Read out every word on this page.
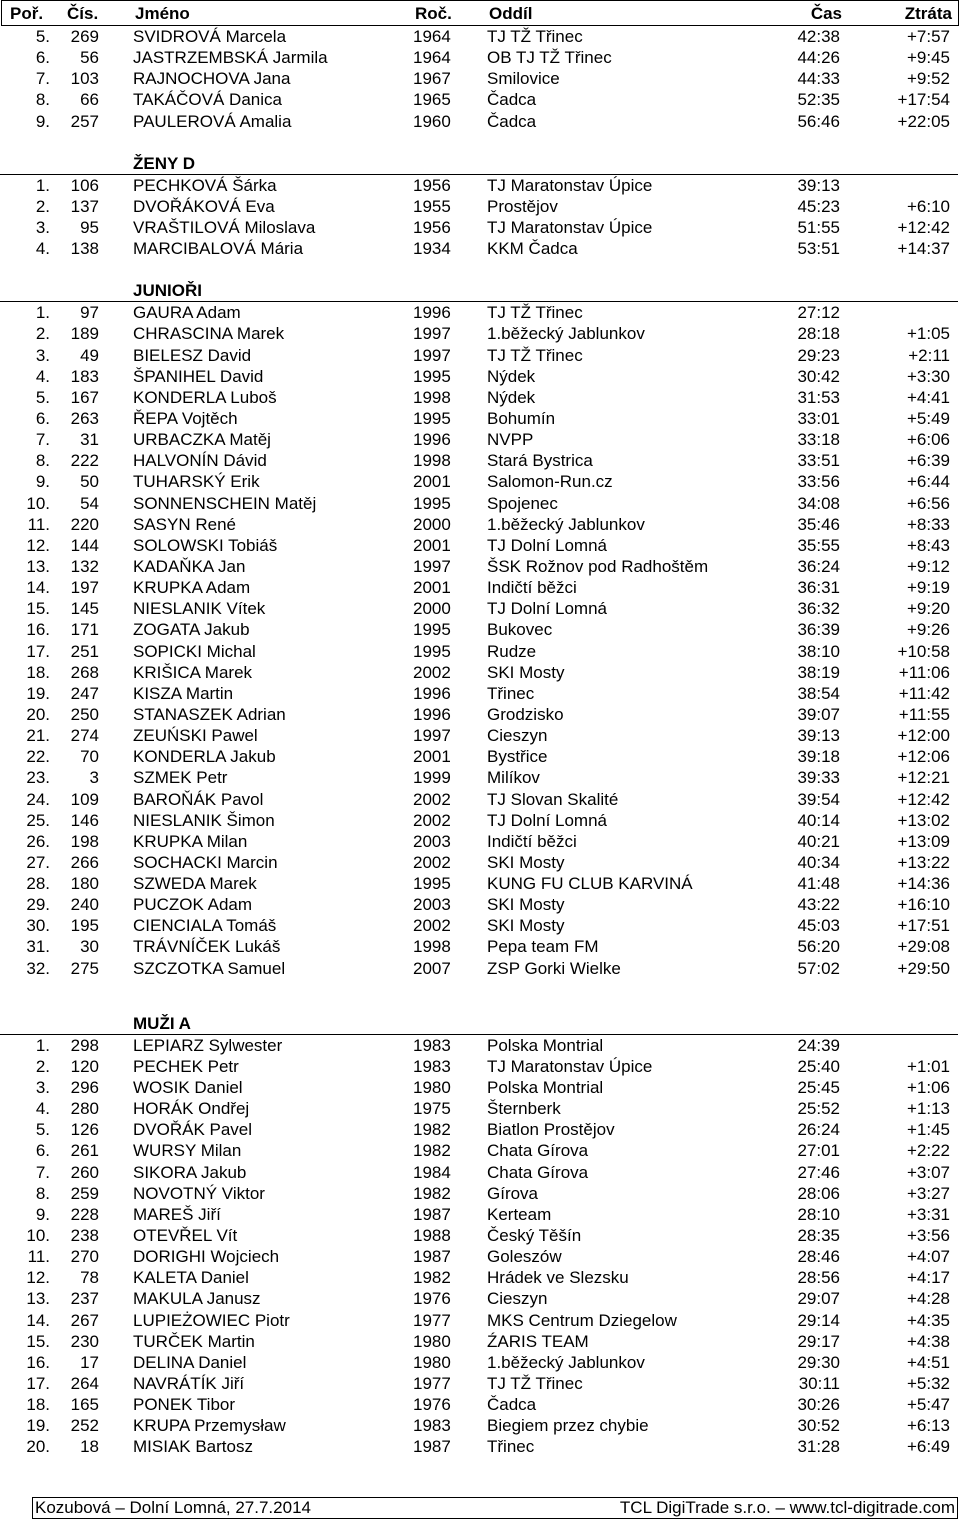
Poř. Čís. Jméno	Roč. Oddíl	Čas	Ztráta
5.	269 SVIDROVÁ Marcela	1964 TJ TŽ Třinec	42:38	+7:57
6.	56 JASTRZEMBSKÁ Jarmila	1964 OB TJ TŽ Třinec	44:26	+9:45
7.	103 RAJNOCHOVA Jana	1967 Smilovice	44:33	+9:52
8.	66 TAKÁČOVÁ Danica	1965 Čadca	52:35	+17:54
9.	257 PAULEROVÁ Amalia	1960 Čadca	56:46	+22:05
ŽENY D
1.	106 PECHKOVÁ Šárka	1956 TJ Maratonstav Úpice	39:13
2.	137 DVOŘÁKOVÁ Eva	1955 Prostějov	45:23	+6:10
3.	95 VRAŠTILOVÁ Miloslava	1956 TJ Maratonstav Úpice	51:55	+12:42
4.	138 MARCIBALOVÁ Mária	1934 KKM Čadca	53:51	+14:37
JUNIOŘI
1.	97 GAURA Adam	1996 TJ TŽ Třinec	27:12
2.	189 CHRASCINA Marek	1997 1.běžecký Jablunkov	28:18	+1:05
3.	49 BIELESZ David	1997 TJ TŽ Třinec	29:23	+2:11
4.	183 ŠPANIHEL David	1995 Nýdek	30:42	+3:30
5.	167 KONDERLA Luboš	1998 Nýdek	31:53	+4:41
6.	263 ŘEPA Vojtěch	1995 Bohumín	33:01	+5:49
7.	31 URBACZKA Matěj	1996 NVPP	33:18	+6:06
8.	222 HALVONÍN Dávid	1998 Stará Bystrica	33:51	+6:39
9.	50 TUHARSKÝ Erik	2001 Salomon-Run.cz	33:56	+6:44
10.	54 SONNENSCHEIN Matěj	1995 Spojenec	34:08	+6:56
11.	220 SASYN René	2000 1.běžecký Jablunkov	35:46	+8:33
12.	144 SOLOWSKI Tobiáš	2001 TJ Dolní Lomná	35:55	+8:43
13.	132 KADAŇKA Jan	1997 ŠSK Rožnov pod Radhoštěm	36:24	+9:12
14.	197 KRUPKA Adam	2001 Indičtí běžci	36:31	+9:19
15.	145 NIESLANIK Vítek	2000 TJ Dolní Lomná	36:32	+9:20
16.	171 ZOGATA Jakub	1995 Bukovec	36:39	+9:26
17.	251 SOPICKI Michal	1995 Rudze	38:10	+10:58
18.	268 KRIŠICA Marek	2002 SKI Mosty	38:19	+11:06
19.	247 KISZA Martin	1996 Třinec	38:54	+11:42
20.	250 STANASZEK Adrian	1996 Grodzisko	39:07	+11:55
21.	274 ZEUŃSKI Pawel	1997 Cieszyn	39:13	+12:00
22.	70 KONDERLA Jakub	2001 Bystřice	39:18	+12:06
23.	3 SZMEK Petr	1999 Milíkov	39:33	+12:21
24.	109 BAROŇÁK Pavol	2002 TJ Slovan Skalité	39:54	+12:42
25.	146 NIESLANIK Šimon	2002 TJ Dolní Lomná	40:14	+13:02
26.	198 KRUPKA Milan	2003 Indičtí běžci	40:21	+13:09
27.	266 SOCHACKI Marcin	2002 SKI Mosty	40:34	+13:22
28.	180 SZWEDA Marek	1995 KUNG FU CLUB KARVINÁ	41:48	+14:36
29.	240 PUCZOK Adam	2003 SKI Mosty	43:22	+16:10
30.	195 CIENCIALA Tomáš	2002 SKI Mosty	45:03	+17:51
31.	30 TRÁVNÍČEK Lukáš	1998 Pepa team FM	56:20	+29:08
32.	275 SZCZOTKA Samuel	2007 ZSP Gorki Wielke	57:02	+29:50
MUŽI A
1.	298 LEPIARZ Sylwester	1983 Polska Montrial	24:39
2.	120 PECHEK Petr	1983 TJ Maratonstav Úpice	25:40	+1:01
3.	296 WOSIK Daniel	1980 Polska Montrial	25:45	+1:06
4.	280 HORÁK Ondřej	1975 Šternberk	25:52	+1:13
5.	126 DVOŘÁK Pavel	1982 Biatlon Prostějov	26:24	+1:45
6.	261 WURSY Milan	1982 Chata Gírova	27:01	+2:22
7.	260 SIKORA Jakub	1984 Chata Gírova	27:46	+3:07
8.	259 NOVOTNÝ Viktor	1982 Gírova	28:06	+3:27
9.	228 MAREŠ Jiří	1987 Kerteam	28:10	+3:31
10.	238 OTEVŘEL Vít	1988 Český Těšín	28:35	+3:56
11.	270 DORIGHI Wojciech	1987 Goleszów	28:46	+4:07
12.	78 KALETA Daniel	1982 Hrádek ve Slezsku	28:56	+4:17
13.	237 MAKULA Janusz	1976 Cieszyn	29:07	+4:28
14.	267 LUPIEŻOWIEC Piotr	1977 MKS Centrum Dziegelow	29:14	+4:35
15.	230 TURČEK Martin	1980 ŹARIS TEAM	29:17	+4:38
16.	17 DELINA Daniel	1980 1.běžecký Jablunkov	29:30	+4:51
17.	264 NAVRÁTÍK Jiří	1977 TJ TŽ Třinec	30:11	+5:32
18.	165 PONEK Tibor	1976 Čadca	30:26	+5:47
19.	252 KRUPA Przemysław	1983 Biegiem przez chybie	30:52	+6:13
20.	18 MISIAK Bartosz	1987 Třinec	31:28	+6:49
Kozubová – Dolní Lomná, 27.7.2014	TCL DigiTrade s.r.o. – www.tcl-digitrade.com
